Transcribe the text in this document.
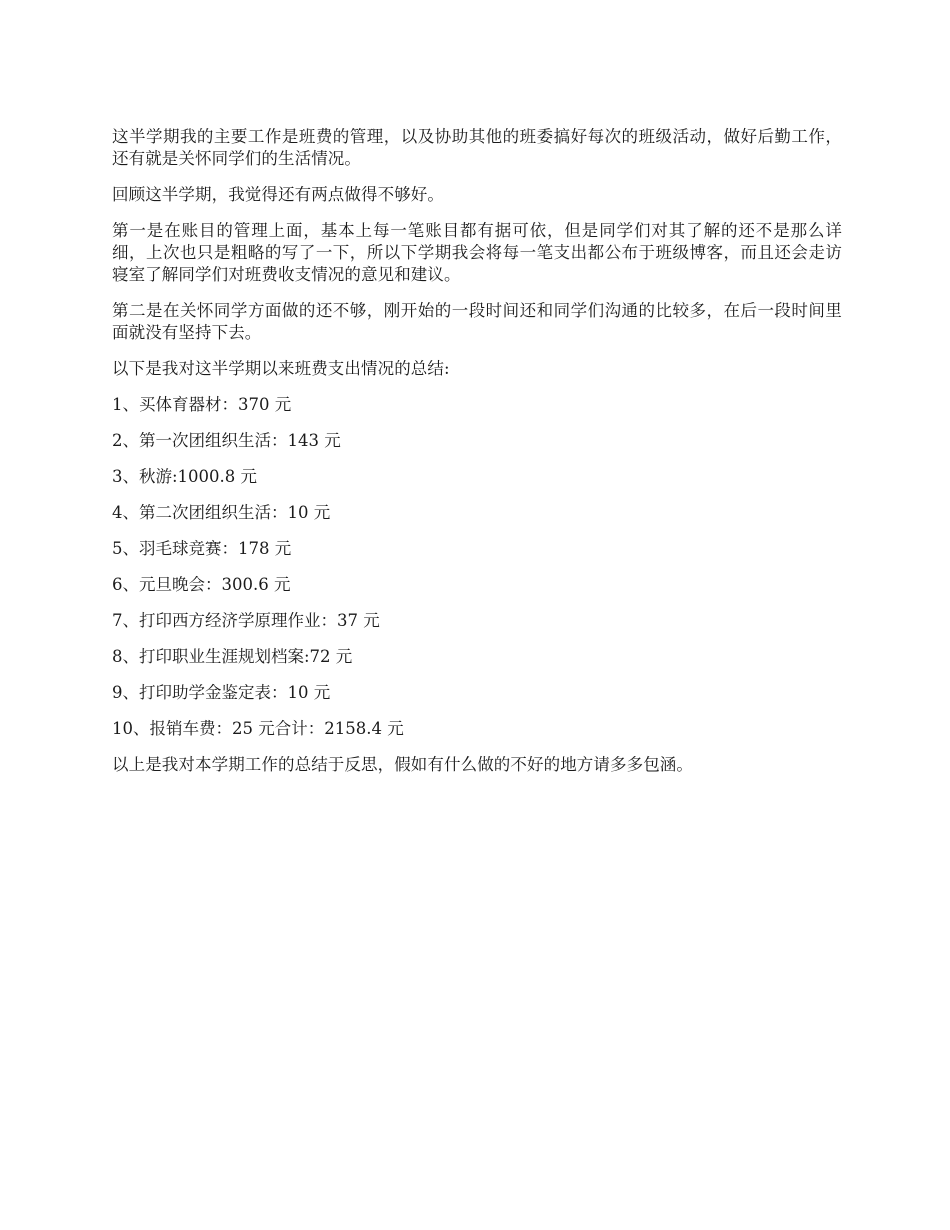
这半学期我的主要工作是班费的管理，以及协助其他的班委搞好每次的班级活动，做好后勤工作，还有就是关怀同学们的生活情况。

回顾这半学期，我觉得还有两点做得不够好。

第一是在账目的管理上面，基本上每一笔账目都有据可依，但是同学们对其了解的还不是那么详细，上次也只是粗略的写了一下，所以下学期我会将每一笔支出都公布于班级博客，而且还会走访寝室了解同学们对班费收支情况的意见和建议。

第二是在关怀同学方面做的还不够，刚开始的一段时间还和同学们沟通的比较多，在后一段时间里面就没有坚持下去。

以下是我对这半学期以来班费支出情况的总结:

1、买体育器材：370 元
2、第一次团组织生活：143 元
3、秋游:1000.8 元
4、第二次团组织生活：10 元
5、羽毛球竞赛：178 元
6、元旦晚会：300.6 元
7、打印西方经济学原理作业：37 元
8、打印职业生涯规划档案:72 元
9、打印助学金鉴定表：10 元
10、报销车费：25 元合计：2158.4 元

以上是我对本学期工作的总结于反思，假如有什么做的不好的地方请多多包涵。
